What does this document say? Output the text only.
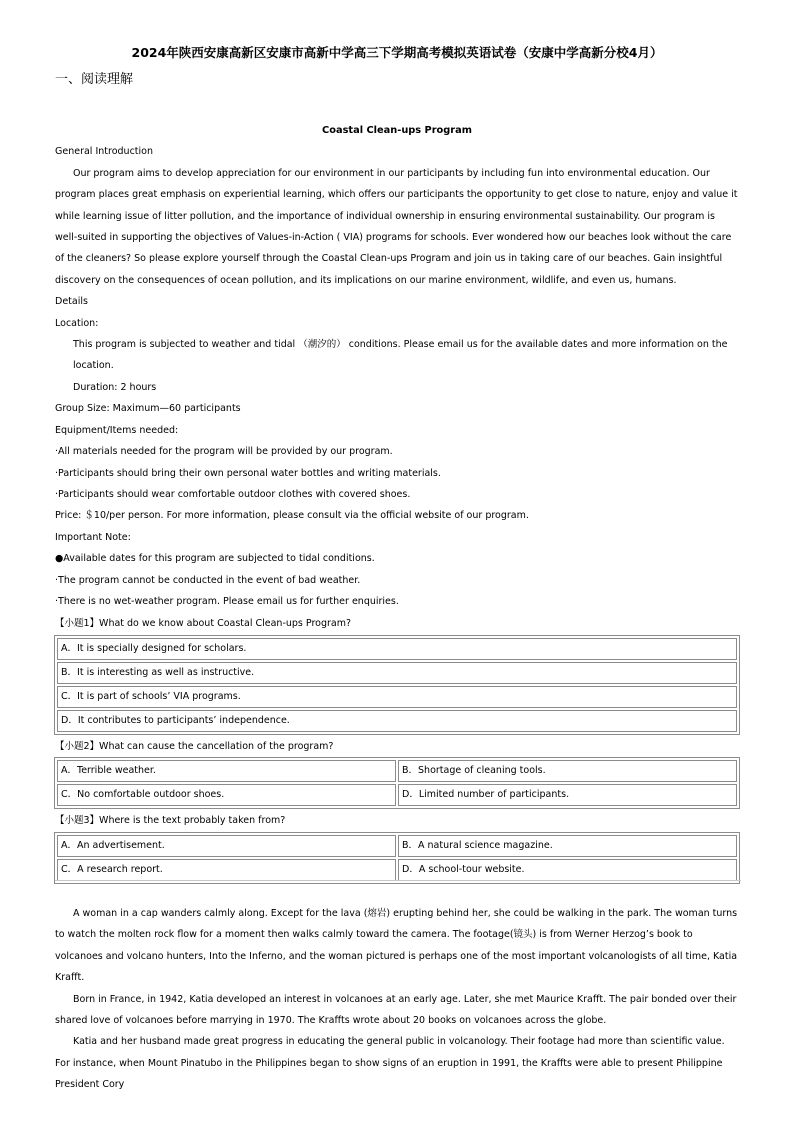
2024年陕西安康高新区安康市高新中学高三下学期高考模拟英语试卷（安康中学高新分校4月）
一、阅读理解

Coastal Clean-ups Program

General Introduction

Our program aims to develop appreciation for our environment in our participants by including fun into environmental education. Our program places great emphasis on experiential learning, which offers our participants the opportunity to get close to nature, enjoy and value it while learning issue of litter pollution, and the importance of individual ownership in ensuring environmental sustainability. Our program is well-suited in supporting the objectives of Values-in-Action ( VIA) programs for schools. Ever wondered how our beaches look without the care of the cleaners? So please explore yourself through the Coastal Clean-ups Program and join us in taking care of our beaches. Gain insightful discovery on the consequences of ocean pollution, and its implications on our marine environment, wildlife, and even us, humans.

Details

Location:

This program is subjected to weather and tidal （潮汐的） conditions. Please email us for the available dates and more information on the location.

Duration: 2 hours

Group Size: Maximum—60 participants

Equipment/Items needed:

·All materials needed for the program will be provided by our program.

·Participants should bring their own personal water bottles and writing materials.

·Participants should wear comfortable outdoor clothes with covered shoes.

Price: ＄10/per person. For more information, please consult via the official website of our program.

Important Note:

●Available dates for this program are subjected to tidal conditions.

·The program cannot be conducted in the event of bad weather.

·There is no wet-weather program. Please email us for further enquiries.

【小题1】What do we know about Coastal Clean-ups Program?

A．It is specially designed for scholars.
B．It is interesting as well as instructive.
C．It is part of schools’ VIA programs.
D．It contributes to participants’ independence.

【小题2】What can cause the cancellation of the program?

A．Terrible weather.	B．Shortage of cleaning tools.
C．No comfortable outdoor shoes.	D．Limited number of participants.

【小题3】Where is the text probably taken from?

A．An advertisement.	B．A natural science magazine.
C．A research report.	D．A school-tour website.

A woman in a cap wanders calmly along. Except for the lava (熔岩) erupting behind her, she could be walking in the park. The woman turns to watch the molten rock flow for a moment then walks calmly toward the camera. The footage(镜头) is from Werner Herzog’s book to volcanoes and volcano hunters, Into the Inferno, and the woman pictured is perhaps one of the most important volcanologists of all time, Katia Krafft.

Born in France, in 1942, Katia developed an interest in volcanoes at an early age. Later, she met Maurice Krafft. The pair bonded over their shared love of volcanoes before marrying in 1970. The Kraffts wrote about 20 books on volcanoes across the globe.

Katia and her husband made great progress in educating the general public in volcanology. Their footage had more than scientific value. For instance, when Mount Pinatubo in the Philippines began to show signs of an eruption in 1991, the Kraffts were able to present Philippine President Cory
